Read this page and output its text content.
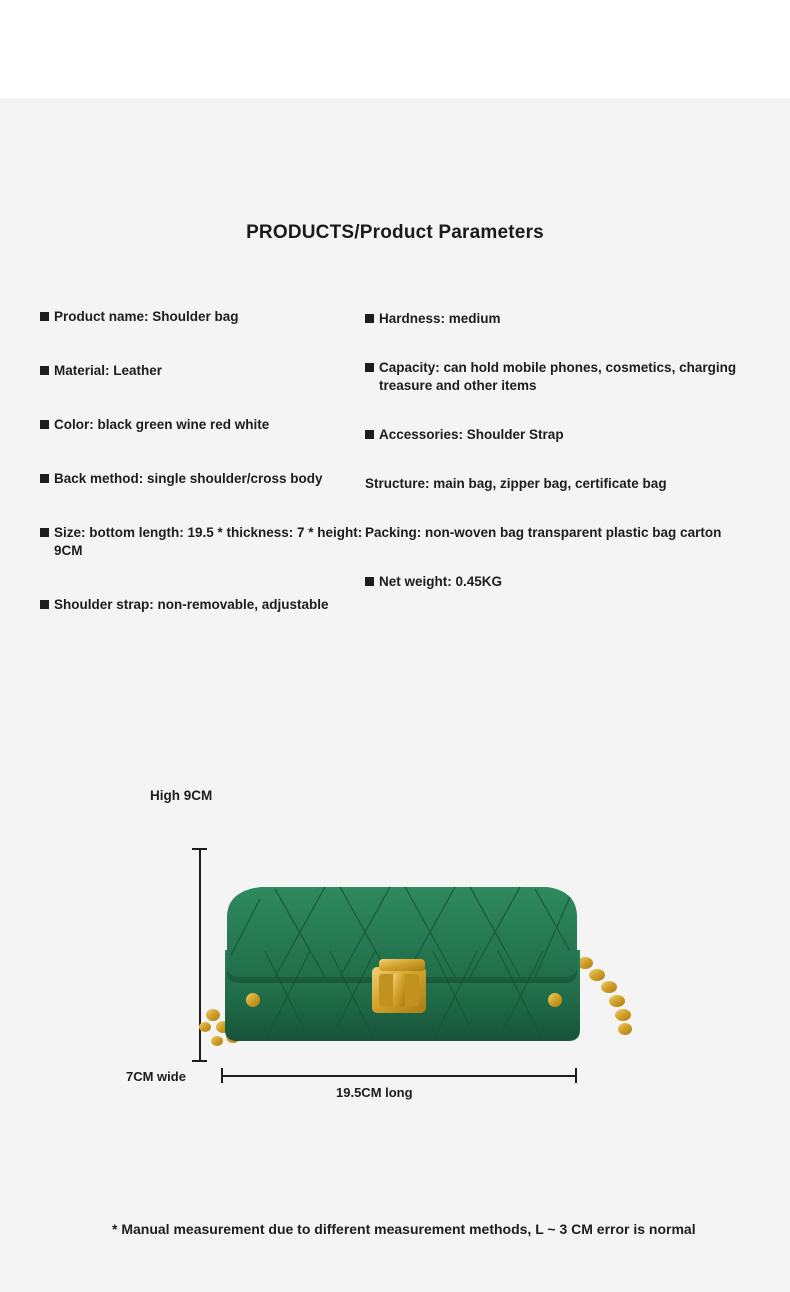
PRODUCTS/Product Parameters
Product name: Shoulder bag
Material: Leather
Color: black green wine red white
Back method: single shoulder/cross body
Size: bottom length: 19.5 * thickness: 7 * height: 9CM
Shoulder strap: non-removable, adjustable
Hardness: medium
Capacity: can hold mobile phones, cosmetics, charging treasure and other items
Accessories: Shoulder Strap
Structure: main bag, zipper bag, certificate bag
Packing: non-woven bag transparent plastic bag carton
Net weight: 0.45KG
High 9CM
7CM wide
19.5CM long
* Manual measurement due to different measurement methods, L ~ 3 CM error is normal
